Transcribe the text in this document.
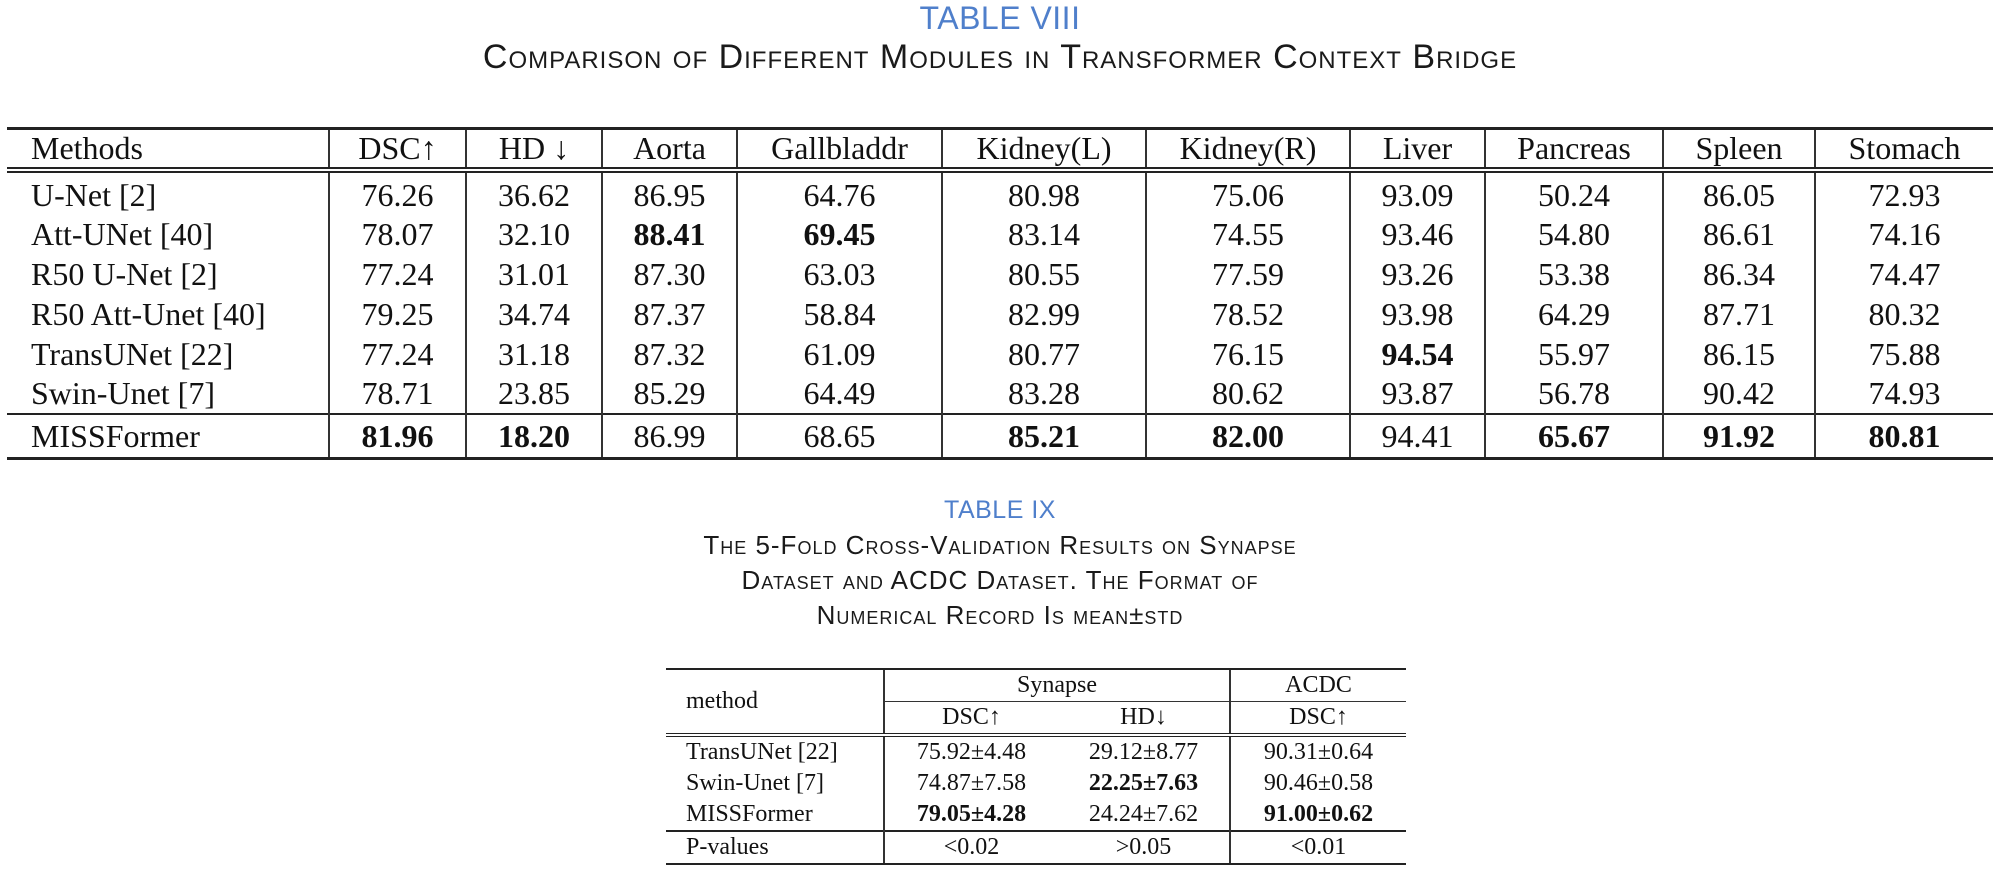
TABLE VIII
Comparison of Different Modules in Transformer Context Bridge
Methods	DSC↑	HD ↓	Aorta	Gallbladdr	Kidney(L)	Kidney(R)	Liver	Pancreas	Spleen	Stomach
U-Net [2]	76.26	36.62	86.95	64.76	80.98	75.06	93.09	50.24	86.05	72.93
Att-UNet [40]	78.07	32.10	88.41	69.45	83.14	74.55	93.46	54.80	86.61	74.16
R50 U-Net [2]	77.24	31.01	87.30	63.03	80.55	77.59	93.26	53.38	86.34	74.47
R50 Att-Unet [40]	79.25	34.74	87.37	58.84	82.99	78.52	93.98	64.29	87.71	80.32
TransUNet [22]	77.24	31.18	87.32	61.09	80.77	76.15	94.54	55.97	86.15	75.88
Swin-Unet [7]	78.71	23.85	85.29	64.49	83.28	80.62	93.87	56.78	90.42	74.93
MISSFormer	81.96	18.20	86.99	68.65	85.21	82.00	94.41	65.67	91.92	80.81
TABLE IX
The 5-Fold Cross-Validation Results on Synapse
Dataset and ACDC Dataset. The Format of
Numerical Record Is mean±std
method	Synapse		ACDC
	DSC↑	HD↓	DSC↑
TransUNet [22]	75.92±4.48	29.12±8.77	90.31±0.64
Swin-Unet [7]	74.87±7.58	22.25±7.63	90.46±0.58
MISSFormer	79.05±4.28	24.24±7.62	91.00±0.62
P-values	<0.02	>0.05	<0.01
